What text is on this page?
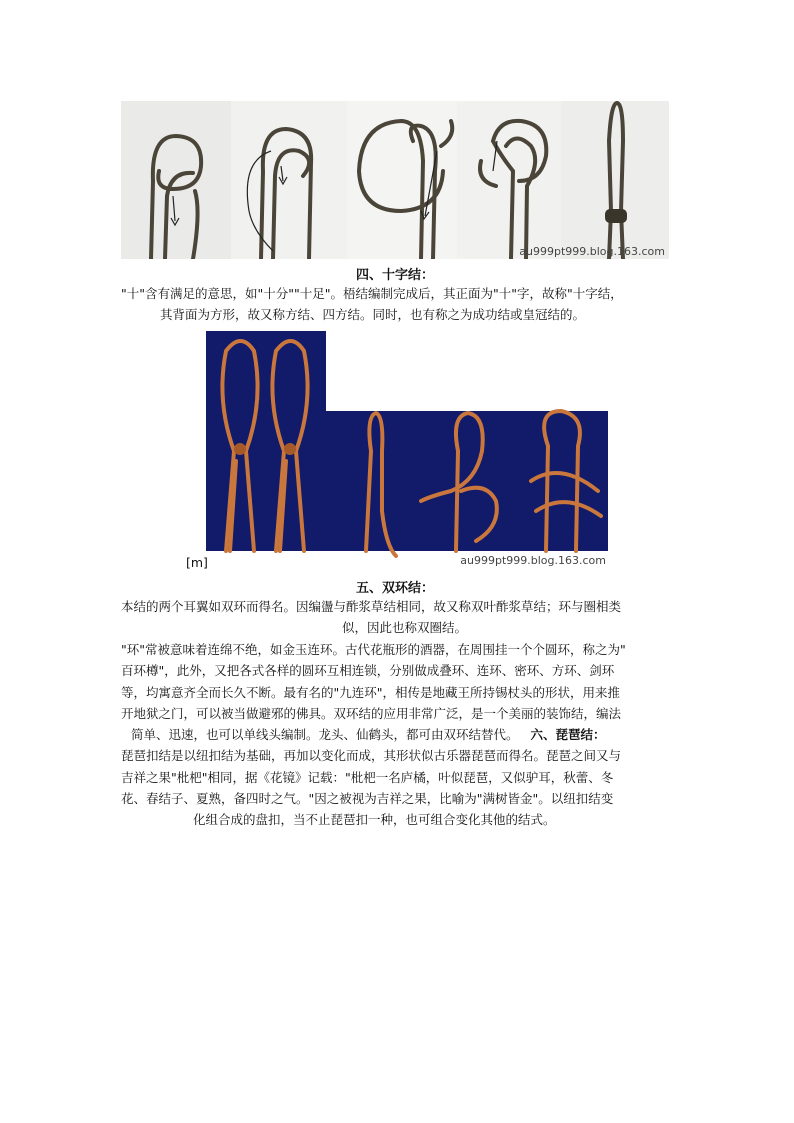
au999pt999.blog.163.com
四、十字结：
"十"含有满足的意思，如"十分""十足"。梧结编制完成后，其正面为"十"字，故称"十字结，
其背面为方形，故又称方结、四方结。同时，也有称之为成功结或皇冠结的。
au999pt999.blog.163.com
[m]
五、双环结：
本结的两个耳翼如双环而得名。因编盪与酢浆草结相同，故又称双叶酢浆草结；环与圈相类
似，因此也称双圈结。
"环"常被意味着连绵不绝，如金玉连环。古代花瓶形的酒器，在周围挂一个个圆环，称之为"
百环樽"，此外，又把各式各样的圆环互相连锁，分别做成叠环、连环、密环、方环、剑环
等，均寓意齐全而长久不断。最有名的"九连环"，相传是地藏王所持锡杖头的形状，用来推
开地狱之门，可以被当做避邪的佛具。双环结的应用非常广泛，是一个美丽的装饰结，编法
简单、迅速，也可以单线头编制。龙头、仙鹤头，都可由双环结替代。 六、琵琶结：
琵琶扣结是以纽扣结为基础，再加以变化而成，其形状似古乐器琵琶而得名。琵琶之间又与
吉祥之果"枇杷"相同，据《花镜》记载："枇杷一名庐橘，叶似琵琶，又似驴耳，秋蕾、冬
花、春结子、夏熟，备四时之气。"因之被视为吉祥之果，比喻为"满树皆金"。以纽扣结变
化组合成的盘扣，当不止琵琶扣一种，也可组合变化其他的结式。
